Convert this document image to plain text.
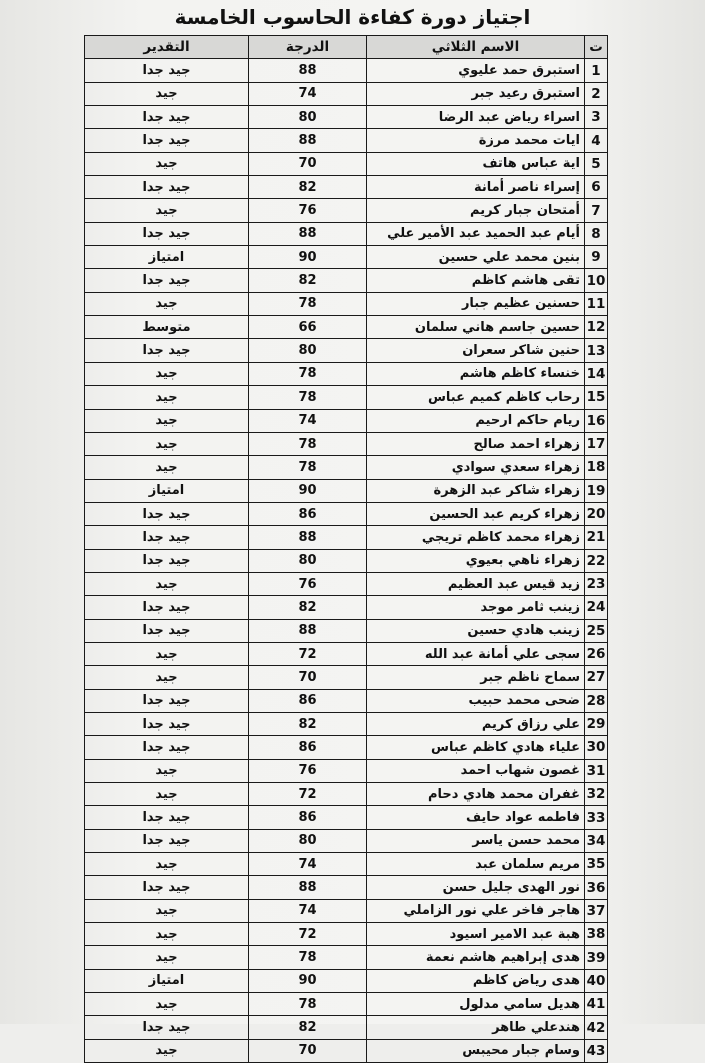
اجتياز دورة كفاءة الحاسوب الخامسة
ت	الاسم الثلاثي	الدرجة	التقدير
1	استبرق حمد عليوي	88	جيد جدا
2	استبرق رعيد جبر	74	جيد
3	اسراء رياض عبد الرضا	80	جيد جدا
4	ايات محمد مرزة	88	جيد جدا
5	اية عباس هاتف	70	جيد
6	إسراء ناصر أمانة	82	جيد جدا
7	أمتحان جبار كريم	76	جيد
8	أيام عبد الحميد عبد الأمير علي	88	جيد جدا
9	بنين محمد علي حسين	90	امتياز
10	تقى هاشم كاظم	82	جيد جدا
11	حسنين عظيم جبار	78	جيد
12	حسين جاسم هاني سلمان	66	متوسط
13	حنين شاكر سعران	80	جيد جدا
14	خنساء كاظم هاشم	78	جيد
15	رحاب كاظم كميم عباس	78	جيد
16	ريام حاكم ارحيم	74	جيد
17	زهراء احمد صالح	78	جيد
18	زهراء سعدي سوادي	78	جيد
19	زهراء شاكر عبد الزهرة	90	امتياز
20	زهراء كريم عبد الحسين	86	جيد جدا
21	زهراء محمد كاظم تريجي	88	جيد جدا
22	زهراء ناهي بعيوي	80	جيد جدا
23	زيد قيس عبد العظيم	76	جيد
24	زينب ثامر موجد	82	جيد جدا
25	زينب هادي حسين	88	جيد جدا
26	سجى علي أمانة عبد الله	72	جيد
27	سماح ناظم جبر	70	جيد
28	ضحى محمد حبيب	86	جيد جدا
29	علي رزاق كريم	82	جيد جدا
30	علياء هادي كاظم عباس	86	جيد جدا
31	غصون شهاب احمد	76	جيد
32	غفران محمد هادي دحام	72	جيد
33	فاطمه عواد حايف	86	جيد جدا
34	محمد حسن ياسر	80	جيد جدا
35	مريم سلمان عبد	74	جيد
36	نور الهدى جليل حسن	88	جيد جدا
37	هاجر فاخر علي نور الزاملي	74	جيد
38	هبة عبد الامير اسيود	72	جيد
39	هدى إبراهيم هاشم نعمة	78	جيد
40	هدى رياض كاظم	90	امتياز
41	هديل سامي مدلول	78	جيد
42	هندعلي طاهر	82	جيد جدا
43	وسام جبار محيبس	70	جيد
